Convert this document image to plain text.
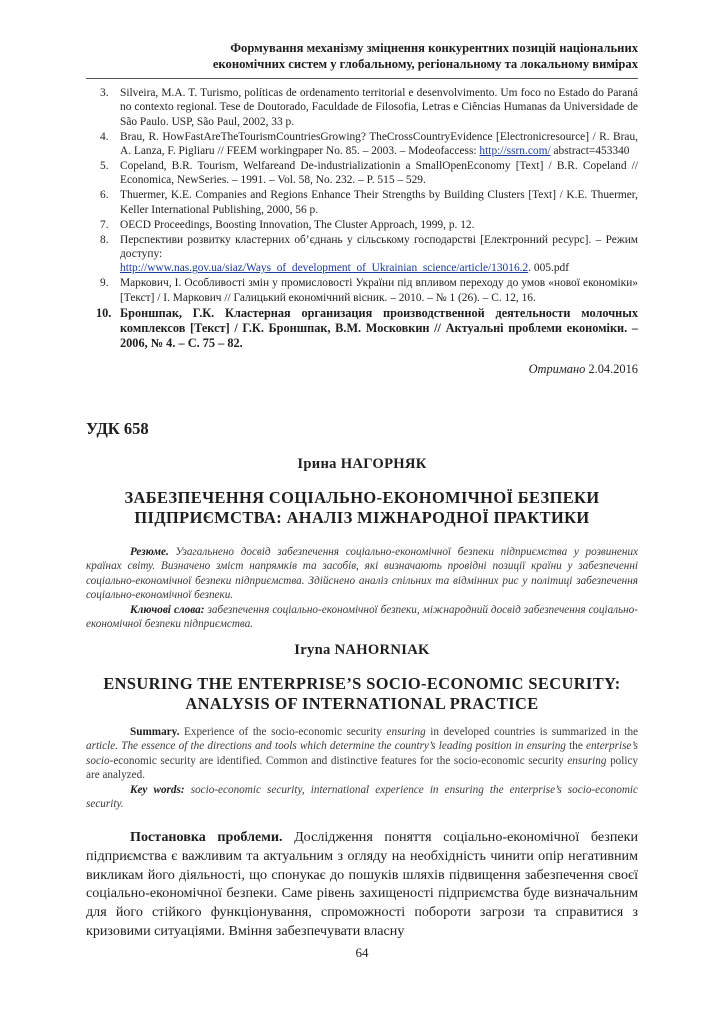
Формування механізму зміцнення конкурентних позицій національних
економічних систем у глобальному, регіональному та локальному вимірах
3.	Silveira, M.A. T. Turismo, políticas de ordenamento territorial e desenvolvimento. Um foco no Estado do Paraná no contexto regional. Tese de Doutorado, Faculdade de Filosofia, Letras e Ciências Humanas da Universidade de São Paulo. USP, São Paul, 2002, 33 p.
4.	Brau, R. HowFastAreTheTourismCountriesGrowing? TheCrossCountryEvidence [Electronicresource] / R. Brau, A. Lanza, F. Pigliaru // FEEM workingpaper No. 85. – 2003. – Modeofaccess: http://ssrn.com/ abstract=453340
5.	Copeland, B.R. Tourism, Welfareand De-industrializationin a SmallOpenEconomy [Text] / B.R. Copeland // Economica, NewSeries. – 1991. – Vol. 58, No. 232. – P. 515 – 529.
6.	Thuermer, K.E. Companies and Regions Enhance Their Strengths by Building Clusters [Text] / K.E. Thuermer, Keller International Publishing, 2000, 56 p.
7.	OECD Proceedings, Boosting Innovation, The Cluster Approach, 1999, p. 12.
8.	Перспективи розвитку кластерних об’єднань у сільському господарстві [Електронний ресурс]. – Режим доступу:
http://www.nas.gov.ua/siaz/Ways_of_development_of_Ukrainian_science/article/13016.2. 005.pdf
9.	Маркович, І. Особливості змін у промисловості України під впливом переходу до умов «нової економіки» [Текст] / І. Маркович // Галицький економічний вісник. – 2010. – № 1 (26). – С. 12, 16.
10. Броншпак, Г.К. Кластерная организация производственной деятельности молочных комплексов [Текст] / Г.К. Броншпак, В.М. Московкин // Актуальні проблеми економіки. – 2006, № 4. – С. 75 – 82.
Отримано 2.04.2016
УДК 658
Ірина НАГОРНЯК
ЗАБЕЗПЕЧЕННЯ СОЦІАЛЬНО-ЕКОНОМІЧНОЇ БЕЗПЕКИ
ПІДПРИЄМСТВА: АНАЛІЗ МІЖНАРОДНОЇ ПРАКТИКИ

Резюме. Узагальнено досвід забезпечення соціально-економічної безпеки підприємства у розвинених країнах світу. Визначено зміст напрямків та засобів, які визначають провідні позиції країни у забезпеченні соціально-економічної безпеки підприємства. Здійснено аналіз спільних та відмінних рис у політиці забезпечення соціально-економічної безпеки.

Ключові слова: забезпечення соціально-економічної безпеки, міжнародний досвід забезпечення соціально-економічної безпеки підприємства.

Iryna NAHORNIAK
ENSURING THE ENTERPRISE’S SOCIO-ECONOMIC SECURITY:
ANALYSIS OF INTERNATIONAL PRACTICE

Summary. Experience of the socio-economic security ensuring in developed countries is summarized in the article. The essence of the directions and tools which determine the country’s leading position in ensuring the enterprise’s socio-economic security are identified. Common and distinctive features for the socio-economic security ensuring policy are analyzed.

Key words: socio-economic security, international experience in ensuring the enterprise’s socio-economic security.

Постановка проблеми. Дослідження поняття соціально-економічної безпеки підприємства є важливим та актуальним з огляду на необхідність чинити опір негативним викликам його діяльності, що спонукає до пошуків шляхів підвищення забезпечення своєї соціально-економічної безпеки. Саме рівень захищеності підприємства буде визначальним для його стійкого функціонування, спроможності побороти загрози та справитися з кризовими ситуаціями. Вміння забезпечувати власну

64
